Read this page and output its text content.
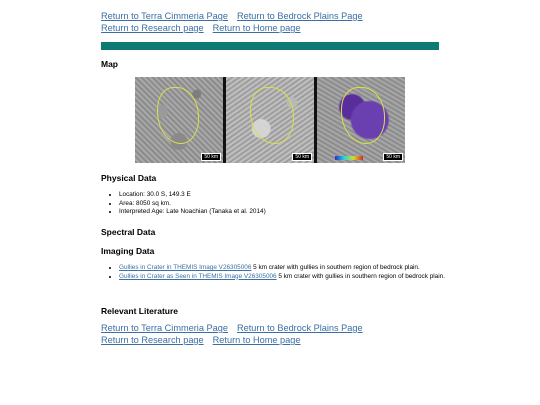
Return to Terra Cimmeria Page Return to Bedrock Plains Page
Return to Research page Return to Home page
Map
50 km	50 km	50 km
Physical Data
• Location: 30.0 S, 149.3 E
• Area: 8050 sq km.
• Interpreted Age: Late Noachian (Tanaka et al. 2014)
Spectral Data
Imaging Data
• Gullies in Crater in THEMIS Image V26305006 5 km crater with gullies in southern region of bedrock plain.
• Gullies in Crater as Seen in THEMIS Image V26305006 5 km crater with gullies in southern region of bedrock plain.
Relevant Literature
Return to Terra Cimmeria Page Return to Bedrock Plains Page
Return to Research page Return to Home page
